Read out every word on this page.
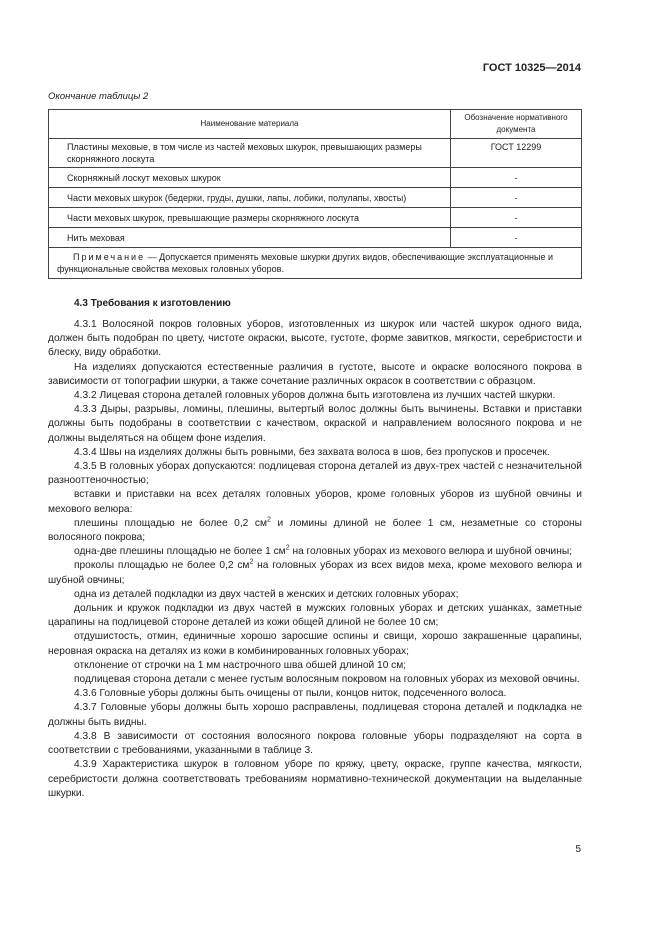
ГОСТ 10325—2014
Окончание таблицы 2
Наименование материала	Обозначение нормативного документа
Пластины меховые, в том числе из частей меховых шкурок, превышающих размеры скорняжного лоскута	ГОСТ 12299
Скорняжный лоскут меховых шкурок	-
Части меховых шкурок (бедерки, груды, душки, лапы, лобики, полулапы, хвосты)	-
Части меховых шкурок, превышающие размеры скорняжного лоскута	-
Нить меховая	-
Примечание — Допускается применять меховые шкурки других видов, обеспечивающие эксплуатационные и функциональные свойства меховых головных уборов.	
4.3 Требования к изготовлению

4.3.1 Волосяной покров головных уборов, изготовленных из шкурок или частей шкурок одного вида, должен быть подобран по цвету, чистоте окраски, высоте, густоте, форме завитков, мягкости, серебристости и блеску, виду обработки.

На изделиях допускаются естественные различия в густоте, высоте и окраске волосяного покрова в зависимости от топографии шкурки, а также сочетание различных окрасок в соответствии с образцом.

4.3.2 Лицевая сторона деталей головных уборов должна быть изготовлена из лучших частей шкурки.

4.3.3 Дыры, разрывы, ломины, плешины, вытертый волос должны быть вычинены. Вставки и приставки должны быть подобраны в соответствии с качеством, окраской и направлением волосяного покрова и не должны выделяться на общем фоне изделия.

4.3.4 Швы на изделиях должны быть ровными, без захвата волоса в шов, без пропусков и просечек.

4.3.5 В головных уборах допускаются: подлицевая сторона деталей из двух-трех частей с незначительной разнооттеночностью;

вставки и приставки на всех деталях головных уборов, кроме головных уборов из шубной овчины и мехового велюра:

плешины площадью не более 0,2 $см^2$ и ломины длиной не более 1 см, незаметные со стороны волосяного покрова;

одна-две плешины площадью не более 1 $см^2$ на головных уборах из мехового велюра и шубной овчины;

проколы площадью не более 0,2 $см^2$ на головных уборах из всех видов меха, кроме мехового велюра и шубной овчины;

одна из деталей подкладки из двух частей в женских и детских головных уборах;

дольник и кружок подкладки из двух частей в мужских головных уборах и детских ушанках, заметные царапины на подлицевой стороне деталей из кожи общей длиной не более 10 см;

отдушистость, отмин, единичные хорошо заросшие оспины и свищи, хорошо закрашенные царапины, неровная окраска на деталях из кожи в комбинированных головных уборах;

отклонение от строчки на 1 мм настрочного шва обшей длиной 10 см;

подлицевая сторона детали с менее густым волосяным покровом на головных уборах из меховой овчины.

4.3.6 Головные уборы должны быть очищены от пыли, концов ниток, подсеченного волоса.

4.3.7 Головные уборы должны быть хорошо расправлены, подлицевая сторона деталей и подкладка не должны быть видны.

4.3.8 В зависимости от состояния волосяного покрова головные уборы подразделяют на сорта в соответствии с требованиями, указанными в таблице 3.

4.3.9 Характеристика шкурок в головном уборе по кряжу, цвету, окраске, группе качества, мягкости, серебристости должна соответствовать требованиям нормативно-технической документации на выделанные шкурки.

5
